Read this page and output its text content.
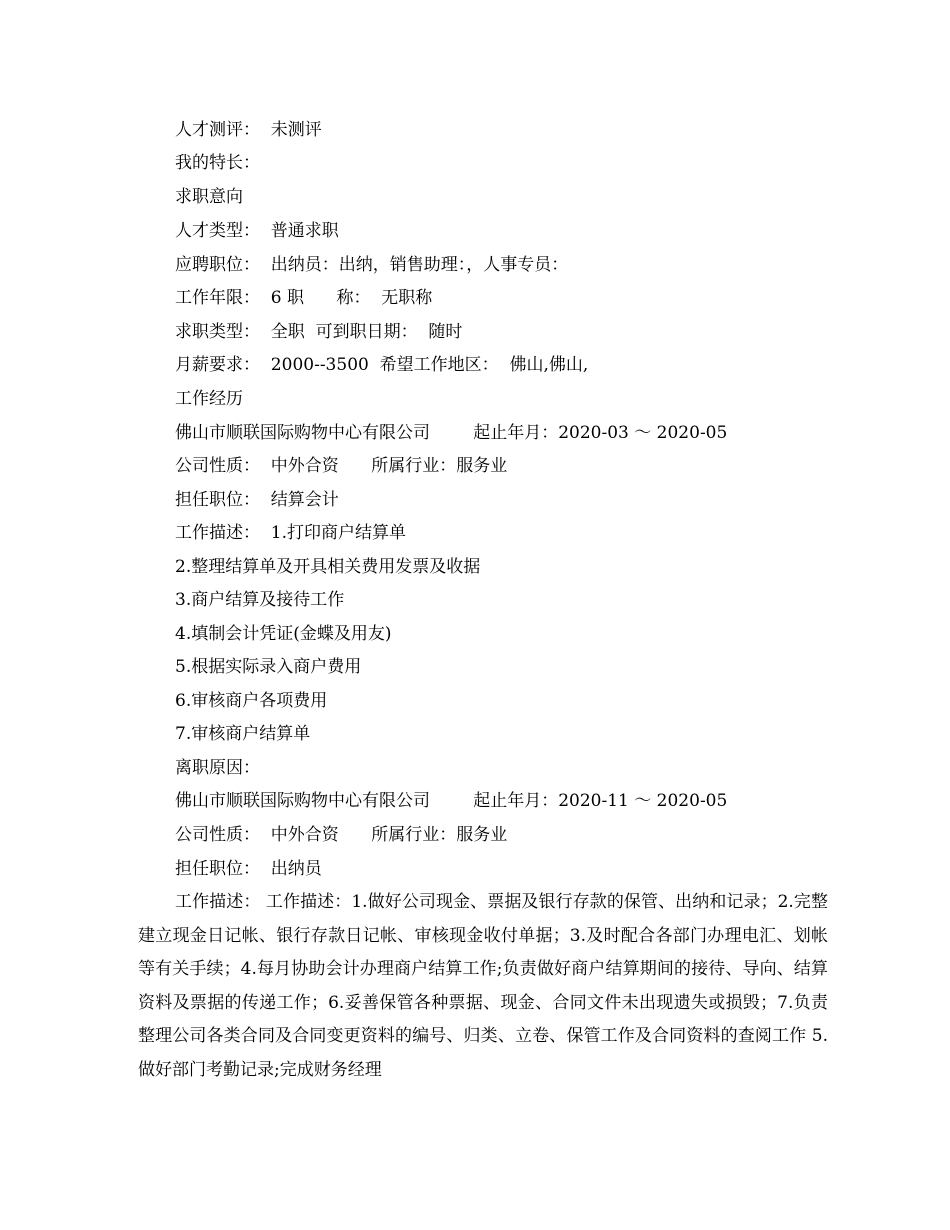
人才测评：  未测评
我的特长：
求职意向
人才类型：  普通求职
应聘职位：  出纳员：出纳，销售助理：，人事专员：
工作年限：  6 职      称：  无职称
求职类型：  全职  可到职日期：  随时
月薪要求：  2000--3500  希望工作地区：  佛山,佛山,
工作经历
佛山市顺联国际购物中心有限公司        起止年月：2020-03 ～ 2020-05
公司性质：  中外合资      所属行业：服务业
担任职位：  结算会计
工作描述：  1.打印商户结算单
2.整理结算单及开具相关费用发票及收据
3.商户结算及接待工作
4.填制会计凭证(金蝶及用友)
5.根据实际录入商户费用
6.审核商户各项费用
7.审核商户结算单
离职原因：
佛山市顺联国际购物中心有限公司        起止年月：2020-11 ～ 2020-05
公司性质：  中外合资      所属行业：服务业
担任职位：  出纳员
工作描述： 工作描述：1.做好公司现金、票据及银行存款的保管、出纳和记录；2.完整建立现金日记帐、银行存款日记帐、审核现金收付单据；3.及时配合各部门办理电汇、划帐等有关手续；4.每月协助会计办理商户结算工作;负责做好商户结算期间的接待、导向、结算资料及票据的传递工作；6.妥善保管各种票据、现金、合同文件未出现遗失或损毁；7.负责整理公司各类合同及合同变更资料的编号、归类、立卷、保管工作及合同资料的查阅工作 5.做好部门考勤记录;完成财务经理
